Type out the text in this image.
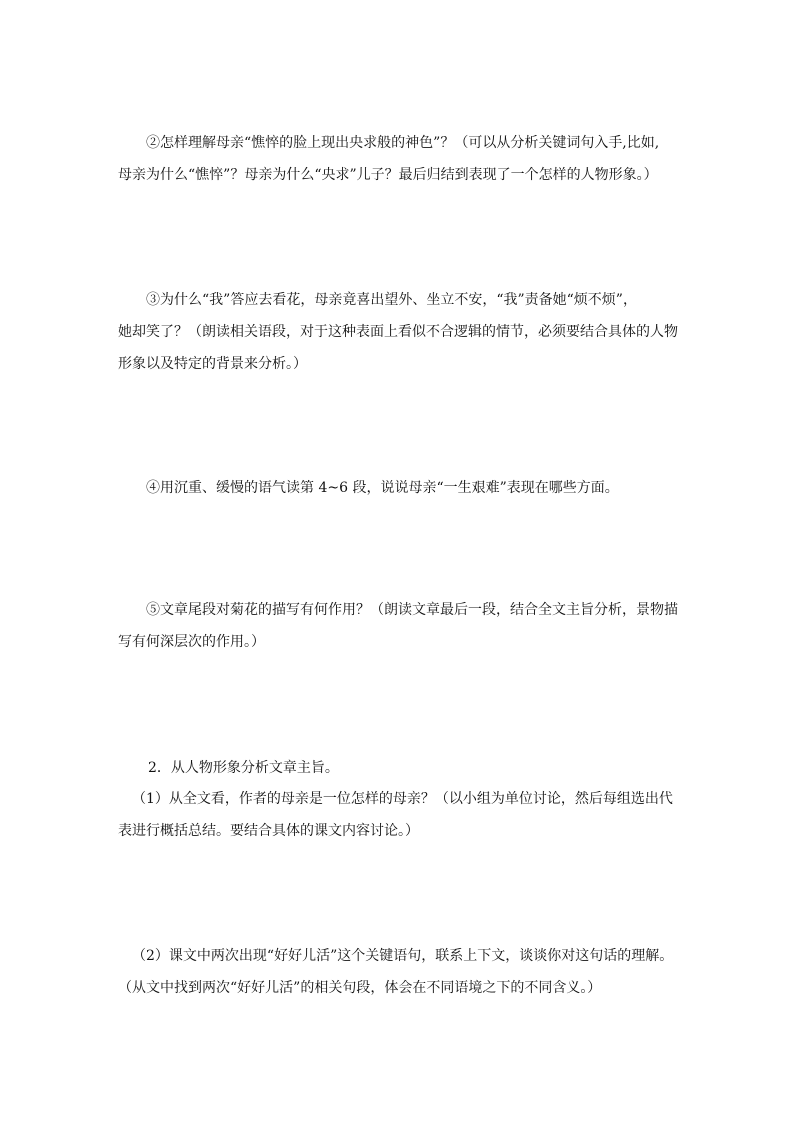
②怎样理解母亲“憔悴的脸上现出央求般的神色”？（可以从分析关键词句入手,比如,
母亲为什么“憔悴”？母亲为什么“央求”儿子？最后归结到表现了一个怎样的人物形象。）

③为什么“我”答应去看花，母亲竟喜出望外、坐立不安，“我”责备她“烦不烦”，
她却笑了？（朗读相关语段，对于这种表面上看似不合逻辑的情节，必须要结合具体的人物
形象以及特定的背景来分析。）

④用沉重、缓慢的语气读第 4~6 段，说说母亲“一生艰难”表现在哪些方面。

⑤文章尾段对菊花的描写有何作用？（朗读文章最后一段，结合全文主旨分析，景物描
写有何深层次的作用。）

2．从人物形象分析文章主旨。

（1）从全文看，作者的母亲是一位怎样的母亲？（以小组为单位讨论，然后每组选出代
表进行概括总结。要结合具体的课文内容讨论。）

（2）课文中两次出现“好好儿活”这个关键语句，联系上下文，谈谈你对这句话的理解。
（从文中找到两次“好好儿活”的相关句段，体会在不同语境之下的不同含义。）
